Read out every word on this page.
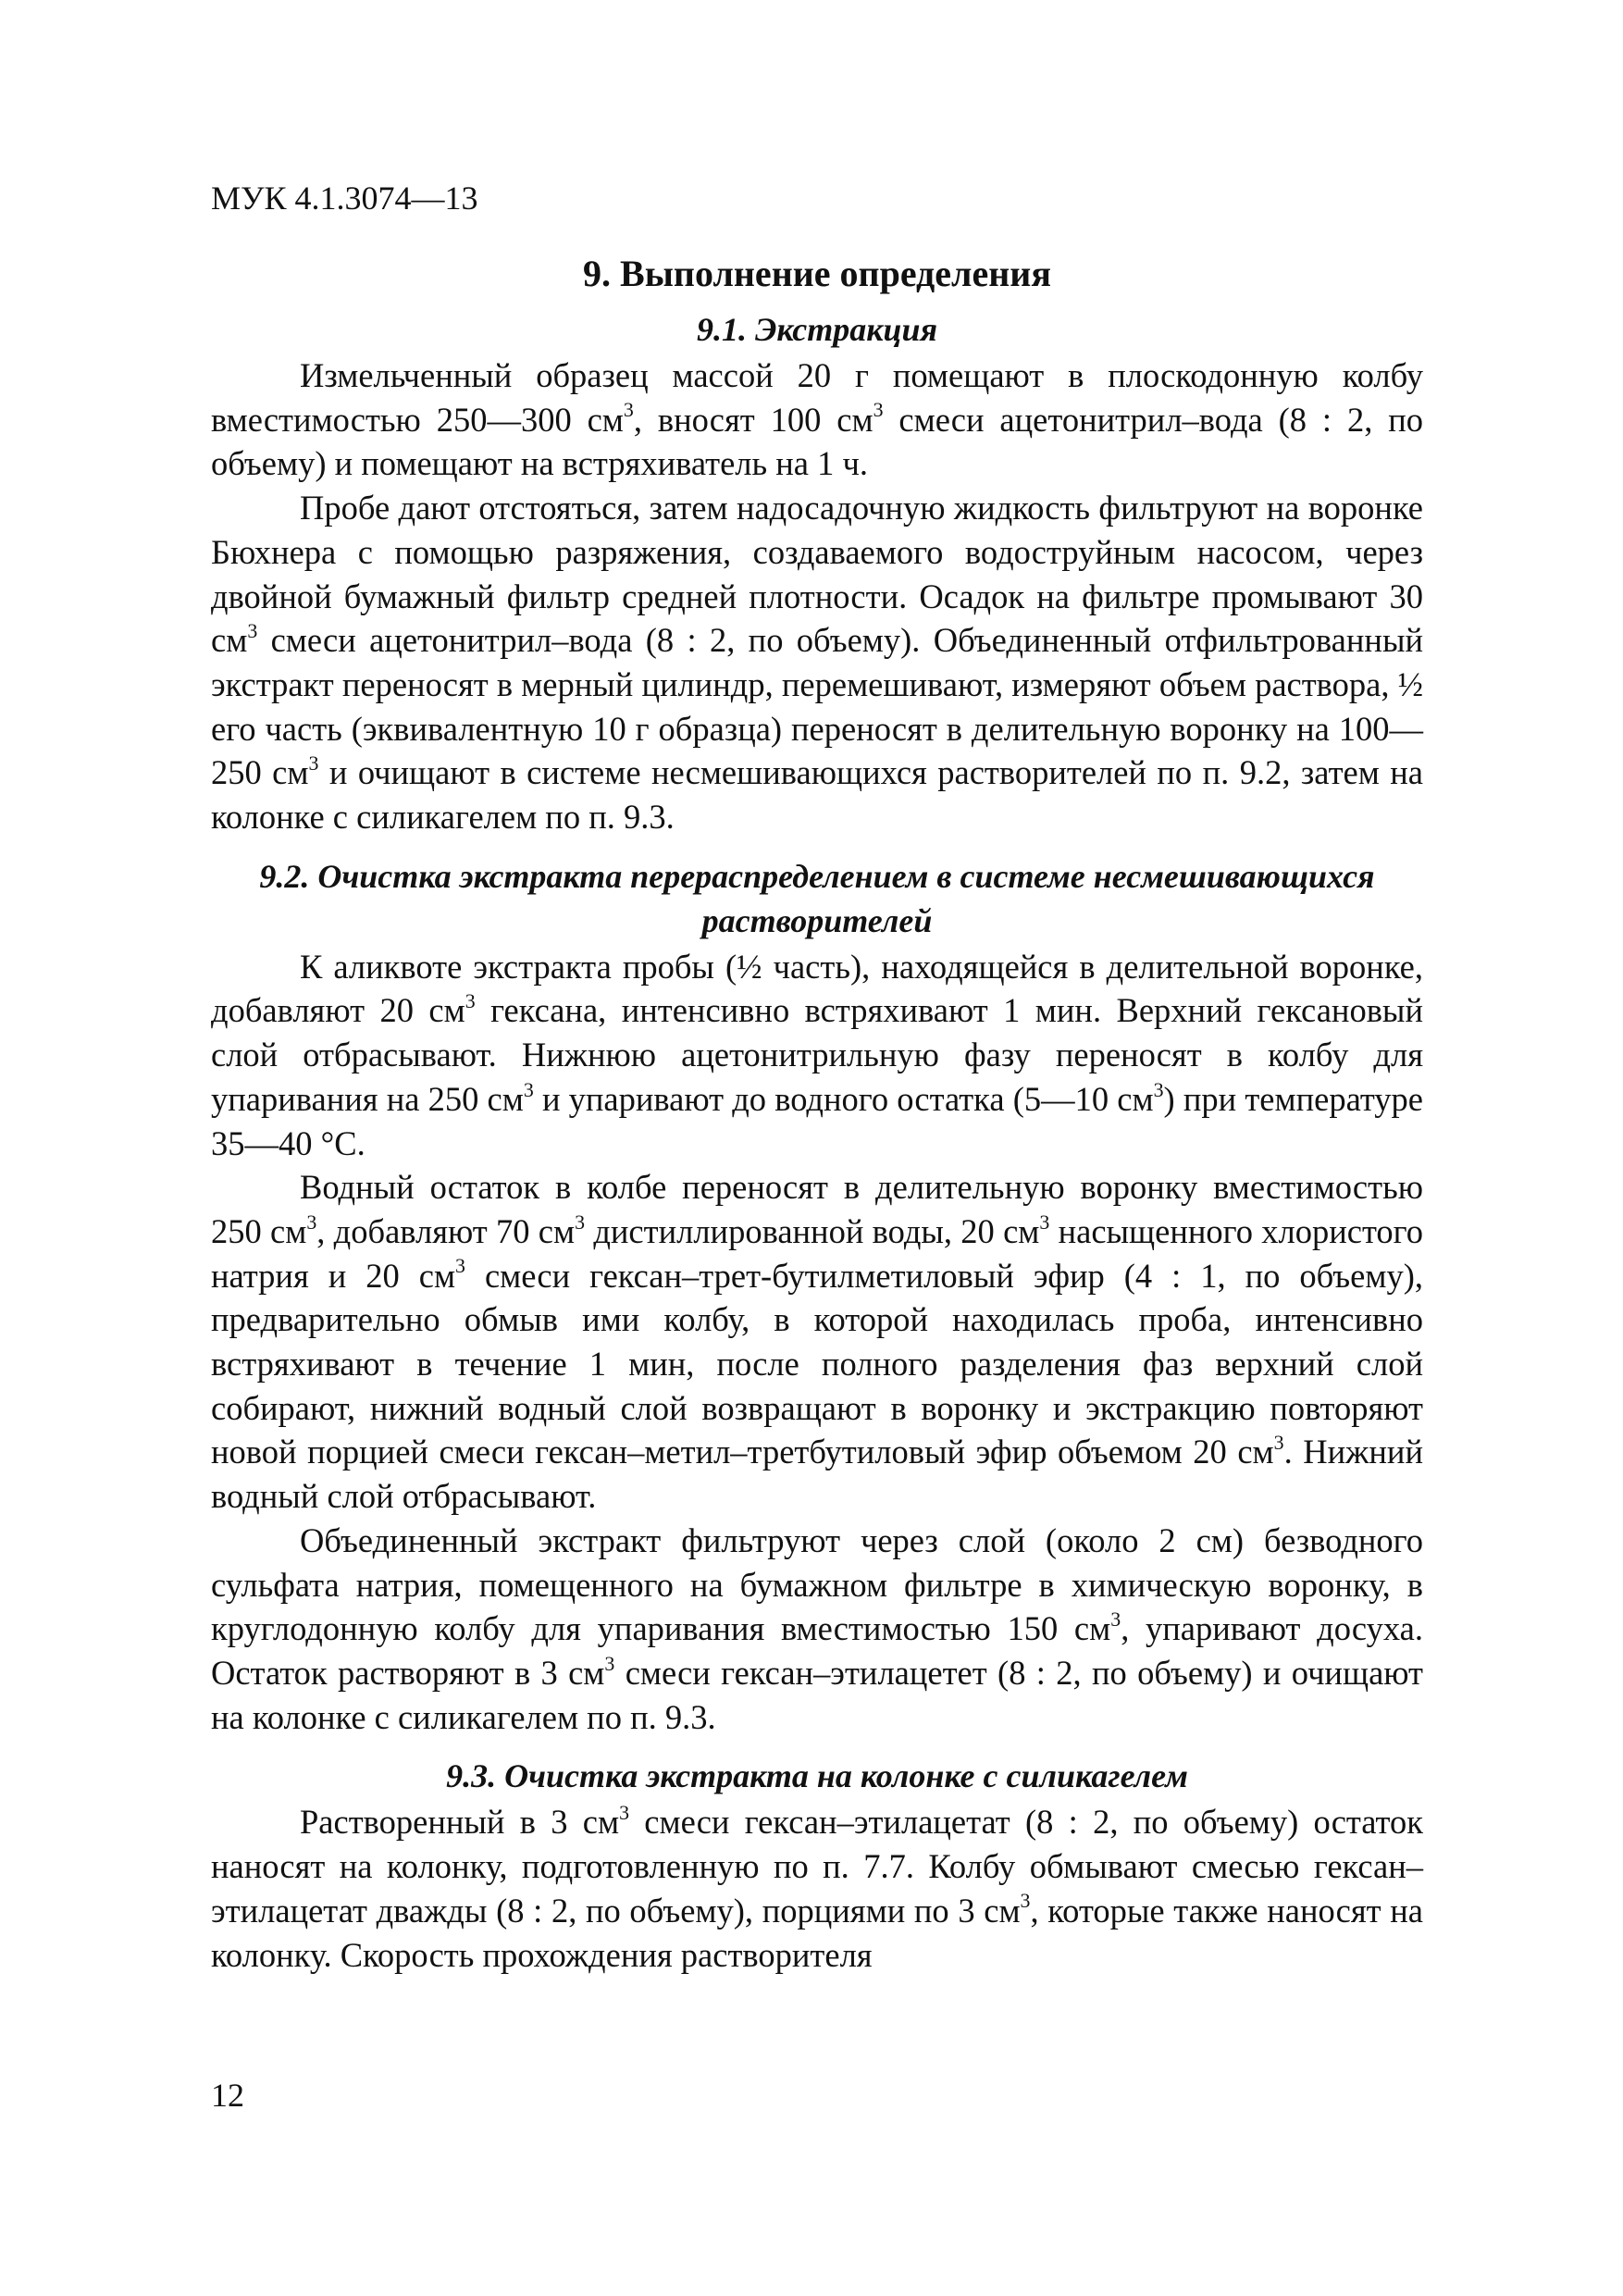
МУК 4.1.3074—13
9. Выполнение определения
9.1. Экстракция

Измельченный образец массой 20 г помещают в плоскодонную колбу вместимостью 250—300 $см^3$, вносят 100 $см^3$ смеси ацетонитрил–вода (8 : 2, по объему) и помещают на встряхиватель на 1 ч.

Пробе дают отстояться, затем надосадочную жидкость фильтруют на воронке Бюхнера с помощью разряжения, создаваемого водоструйным насосом, через двойной бумажный фильтр средней плотности. Осадок на фильтре промывают 30 $см^3$ смеси ацетонитрил–вода (8 : 2, по объему). Объединенный отфильтрованный экстракт переносят в мерный цилиндр, перемешивают, измеряют объем раствора, ½ его часть (эквивалентную 10 г образца) переносят в делительную воронку на 100—250 $см^3$ и очищают в системе несмешивающихся растворителей по п. 9.2, затем на колонке с силикагелем по п. 9.3.

9.2. Очистка экстракта перераспределением в системе несмешивающихся растворителей

К аликвоте экстракта пробы (½ часть), находящейся в делительной воронке, добавляют 20 $см^3$ гексана, интенсивно встряхивают 1 мин. Верхний гексановый слой отбрасывают. Нижнюю ацетонитрильную фазу переносят в колбу для упаривания на 250 $см^3$ и упаривают до водного остатка (5—10 $см^3$) при температуре 35—40 °С.

Водный остаток в колбе переносят в делительную воронку вместимостью 250 $см^3$, добавляют 70 $см^3$ дистиллированной воды, 20 $см^3$ насыщенного хлористого натрия и 20 $см^3$ смеси гексан–трет-бутилметиловый эфир (4 : 1, по объему), предварительно обмыв ими колбу, в которой находилась проба, интенсивно встряхивают в течение 1 мин, после полного разделения фаз верхний слой собирают, нижний водный слой возвращают в воронку и экстракцию повторяют новой порцией смеси гексан–метил–третбутиловый эфир объемом 20 $см^3$. Нижний водный слой отбрасывают.

Объединенный экстракт фильтруют через слой (около 2 см) безводного сульфата натрия, помещенного на бумажном фильтре в химическую воронку, в круглодонную колбу для упаривания вместимостью 150 $см^3$, упаривают досуха. Остаток растворяют в 3 $см^3$ смеси гексан–этилацетет (8 : 2, по объему) и очищают на колонке с силикагелем по п. 9.3.

9.3. Очистка экстракта на колонке с силикагелем

Растворенный в 3 $см^3$ смеси гексан–этилацетат (8 : 2, по объему) остаток наносят на колонку, подготовленную по п. 7.7. Колбу обмывают смесью гексан–этилацетат дважды (8 : 2, по объему), порциями по 3 $см^3$, которые также наносят на колонку. Скорость прохождения растворителя

12
